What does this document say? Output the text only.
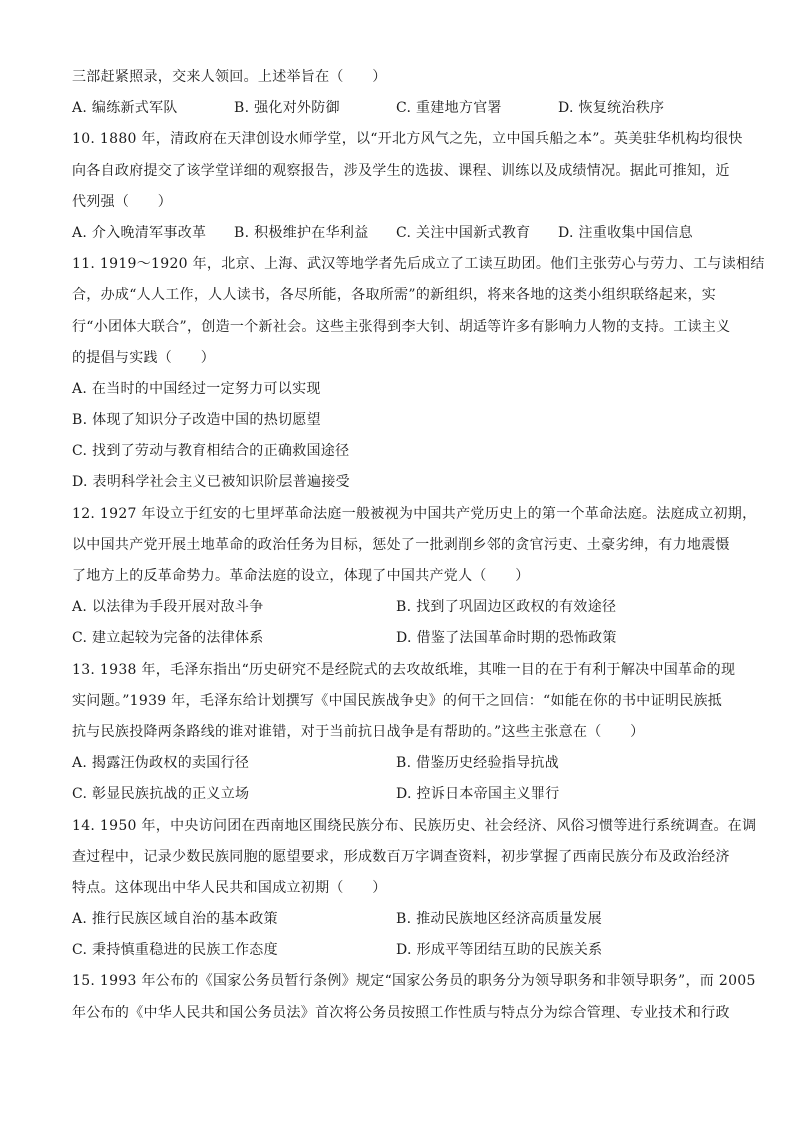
三部赶紧照录，交来人领回。上述举旨在（　　）
A. 编练新式军队	B. 强化对外防御	C. 重建地方官署	D. 恢复统治秩序
10. 1880 年，清政府在天津创设水师学堂，以“开北方风气之先，立中国兵船之本”。英美驻华机构均很快
向各自政府提交了该学堂详细的观察报告，涉及学生的选拔、课程、训练以及成绩情况。据此可推知，近
代列强（　　）
A. 介入晚清军事改革	B. 积极维护在华利益	C. 关注中国新式教育	D. 注重收集中国信息
11. 1919～1920 年，北京、上海、武汉等地学者先后成立了工读互助团。他们主张劳心与劳力、工与读相结
合，办成“人人工作，人人读书，各尽所能，各取所需”的新组织，将来各地的这类小组织联络起来，实
行“小团体大联合”，创造一个新社会。这些主张得到李大钊、胡适等许多有影响力人物的支持。工读主义
的提倡与实践（　　）
A. 在当时的中国经过一定努力可以实现
B. 体现了知识分子改造中国的热切愿望
C. 找到了劳动与教育相结合的正确救国途径
D. 表明科学社会主义已被知识阶层普遍接受
12. 1927 年设立于红安的七里坪革命法庭一般被视为中国共产党历史上的第一个革命法庭。法庭成立初期，
以中国共产党开展土地革命的政治任务为目标，惩处了一批剥削乡邻的贪官污吏、土豪劣绅，有力地震慑
了地方上的反革命势力。革命法庭的设立，体现了中国共产党人（　　）
A. 以法律为手段开展对敌斗争	B. 找到了巩固边区政权的有效途径
C. 建立起较为完备的法律体系	D. 借鉴了法国革命时期的恐怖政策
13. 1938 年，毛泽东指出“历史研究不是经院式的去攻故纸堆，其唯一目的在于有利于解决中国革命的现
实问题。”1939 年，毛泽东给计划撰写《中国民族战争史》的何干之回信：“如能在你的书中证明民族抵
抗与民族投降两条路线的谁对谁错，对于当前抗日战争是有帮助的。”这些主张意在（　　）
A. 揭露汪伪政权的卖国行径	B. 借鉴历史经验指导抗战
C. 彰显民族抗战的正义立场	D. 控诉日本帝国主义罪行
14. 1950 年，中央访问团在西南地区围绕民族分布、民族历史、社会经济、风俗习惯等进行系统调查。在调
查过程中，记录少数民族同胞的愿望要求，形成数百万字调查资料，初步掌握了西南民族分布及政治经济
特点。这体现出中华人民共和国成立初期（　　）
A. 推行民族区域自治的基本政策	B. 推动民族地区经济高质量发展
C. 秉持慎重稳进的民族工作态度	D. 形成平等团结互助的民族关系
15. 1993 年公布的《国家公务员暂行条例》规定“国家公务员的职务分为领导职务和非领导职务”，而 2005
年公布的《中华人民共和国公务员法》首次将公务员按照工作性质与特点分为综合管理、专业技术和行政
